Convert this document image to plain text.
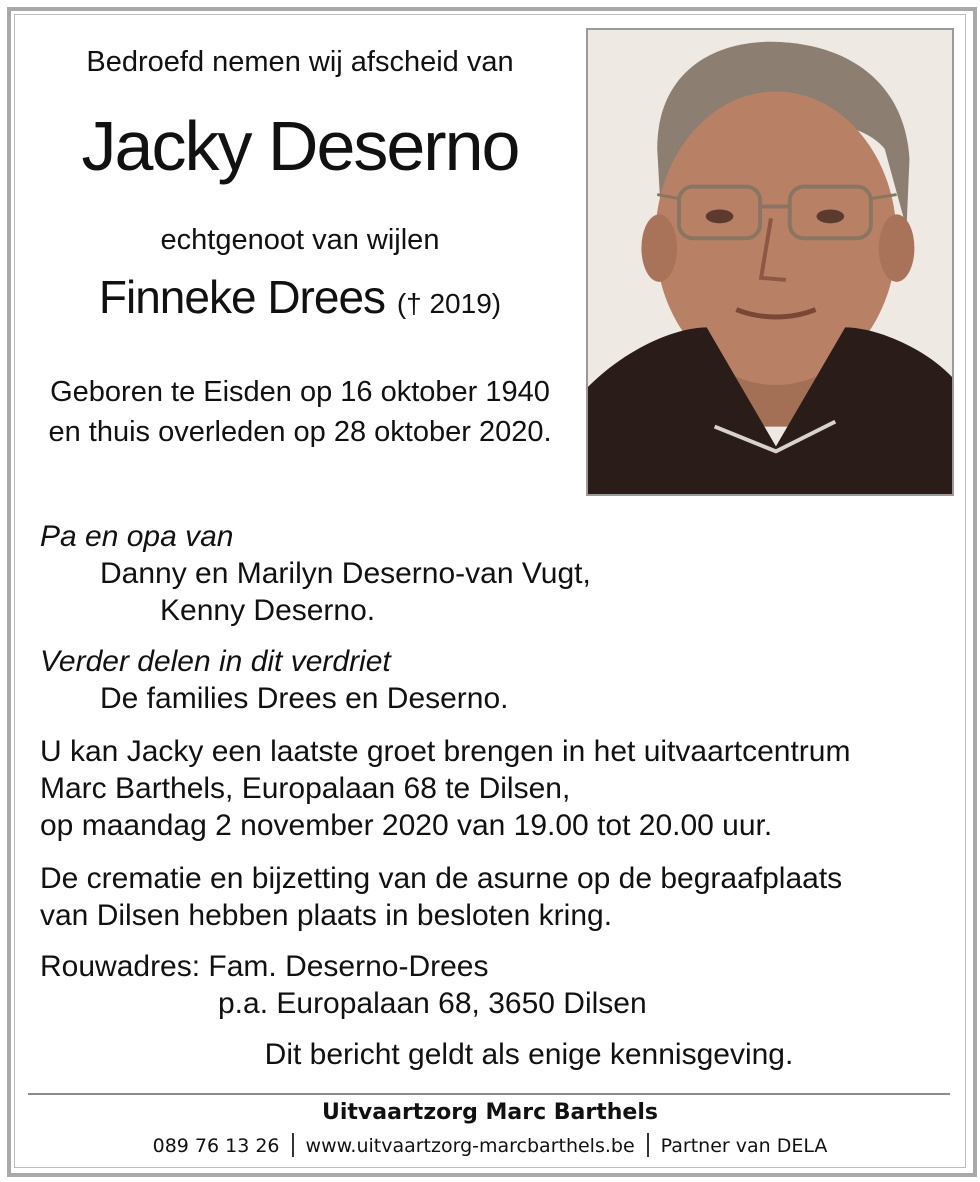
Bedroefd nemen wij afscheid van
Jacky Deserno
echtgenoot van wijlen
Finneke Drees († 2019)
Geboren te Eisden op 16 oktober 1940
en thuis overleden op 28 oktober 2020.
Pa en opa van
Danny en Marilyn Deserno-van Vugt,
Kenny Deserno.
Verder delen in dit verdriet
De families Drees en Deserno.
U kan Jacky een laatste groet brengen in het uitvaartcentrum
Marc Barthels, Europalaan 68 te Dilsen,
op maandag 2 november 2020 van 19.00 tot 20.00 uur.
De crematie en bijzetting van de asurne op de begraafplaats
van Dilsen hebben plaats in besloten kring.
Rouwadres: Fam. Deserno-Drees
p.a. Europalaan 68, 3650 Dilsen
Dit bericht geldt als enige kennisgeving.
Uitvaartzorg Marc Barthels
089 76 13 26 www.uitvaartzorg-marcbarthels.be Partner van DELA
